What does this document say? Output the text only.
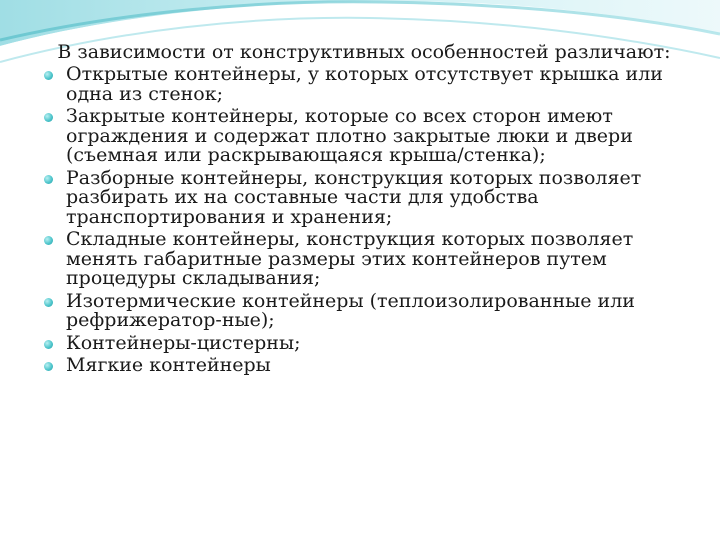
В зависимости от конструктивных особенностей различают:
Открытые контейнеры, у которых отсутствует крышка или одна из стенок;
Закрытые контейнеры, которые со всех сторон имеют ограждения и содержат плотно закрытые люки и двери (съемная или раскрывающаяся крыша/стенка);
Разборные контейнеры, конструкция которых позволяет разбирать их на составные части для удобства транспортирования и хранения;
Складные контейнеры, конструкция которых позволяет менять габаритные размеры этих контейнеров путем процедуры складывания;
Изотермические контейнеры (теплоизолированные или рефрижератор-ные);
Контейнеры-цистерны;
Мягкие контейнеры
